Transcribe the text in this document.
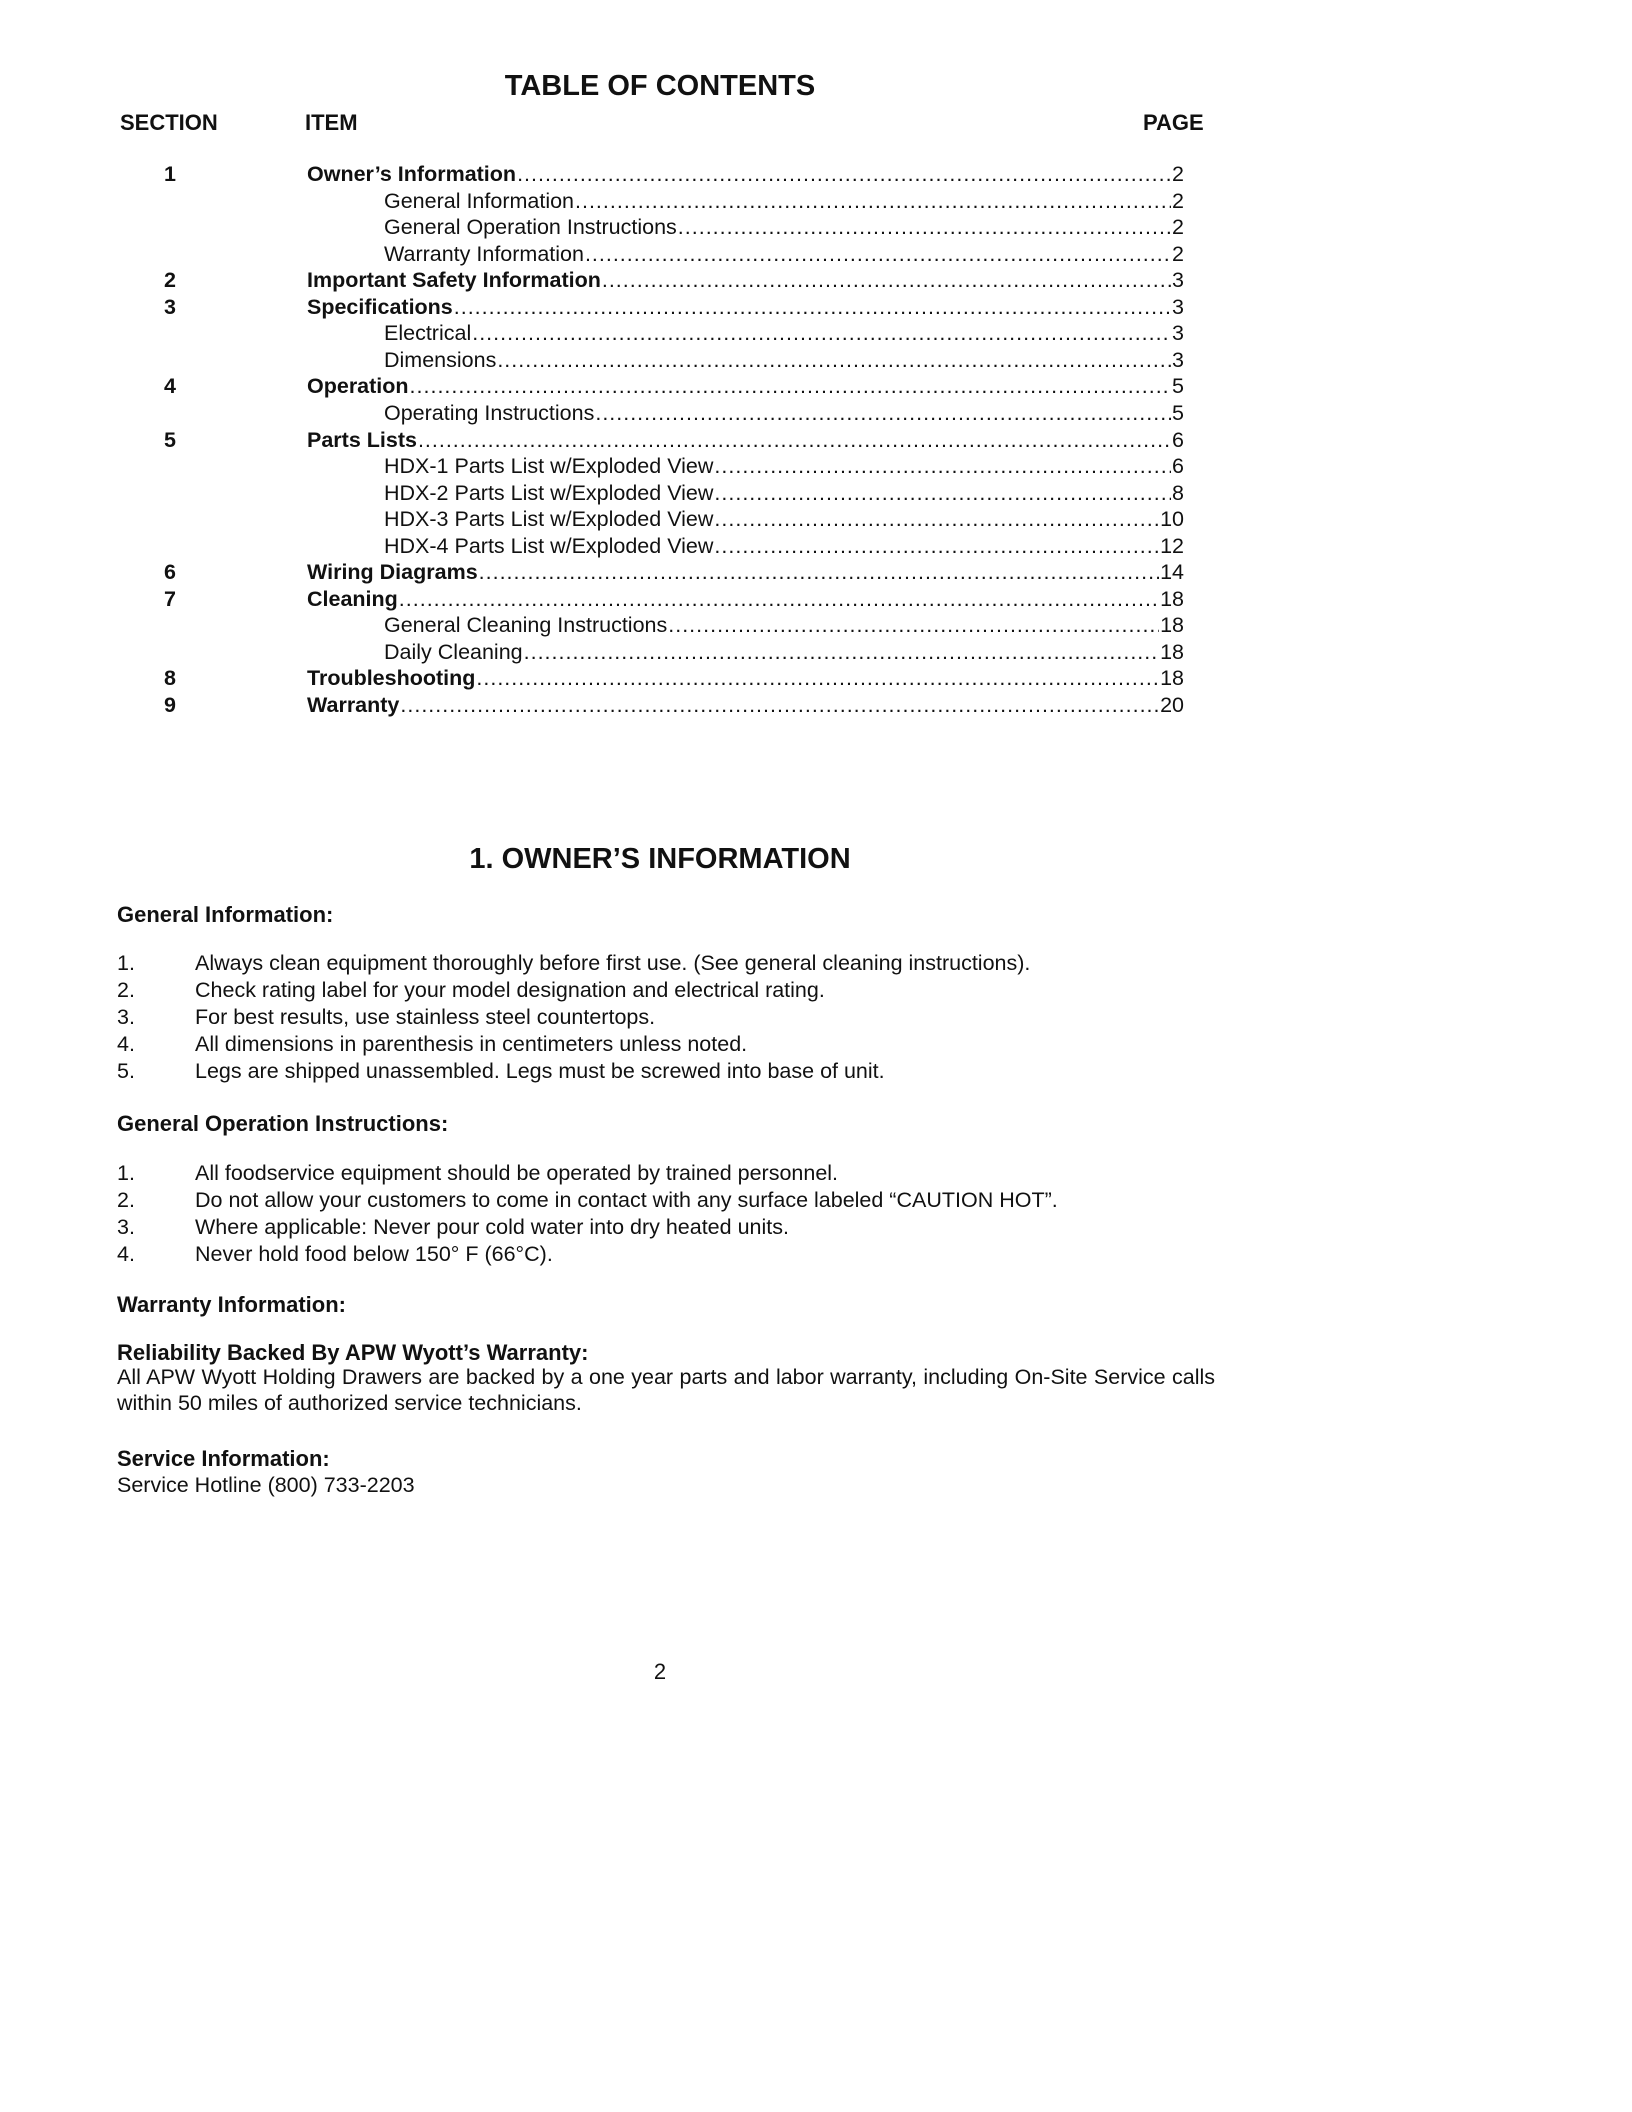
TABLE OF CONTENTS
SECTION	ITEM	PAGE
1	Owner’s Information .....	2
General Information .....	2
General Operation Instructions .....	2
Warranty Information .....	2
2	Important Safety Information .....	3
3	Specifications .....	3
Electrical .....	3
Dimensions .....	3
4	Operation .....	5
Operating Instructions .....	5
5	Parts Lists .....	6
HDX-1 Parts List w/Exploded View .....	6
HDX-2 Parts List w/Exploded View .....	8
HDX-3 Parts List w/Exploded View .....	10
HDX-4 Parts List w/Exploded View .....	12
6	Wiring Diagrams .....	14
7	Cleaning .....	18
General Cleaning Instructions .....	18
Daily Cleaning .....	18
8	Troubleshooting .....	18
9	Warranty .....	20
1. OWNER’S INFORMATION
General Information:
1.	Always clean equipment thoroughly before first use. (See general cleaning instructions).
2.	Check rating label for your model designation and electrical rating.
3.	For best results, use stainless steel countertops.
4.	All dimensions in parenthesis in centimeters unless noted.
5.	Legs are shipped unassembled. Legs must be screwed into base of unit.
General Operation Instructions:
1.	All foodservice equipment should be operated by trained personnel.
2.	Do not allow your customers to come in contact with any surface labeled “CAUTION HOT”.
3.	Where applicable: Never pour cold water into dry heated units.
4.	Never hold food below 150° F (66°C).
Warranty Information:
Reliability Backed By APW Wyott’s Warranty:
All APW Wyott Holding Drawers are backed by a one year parts and labor warranty, including On-Site Service calls within 50 miles of authorized service technicians.
Service Information:
Service Hotline (800) 733-2203
2
